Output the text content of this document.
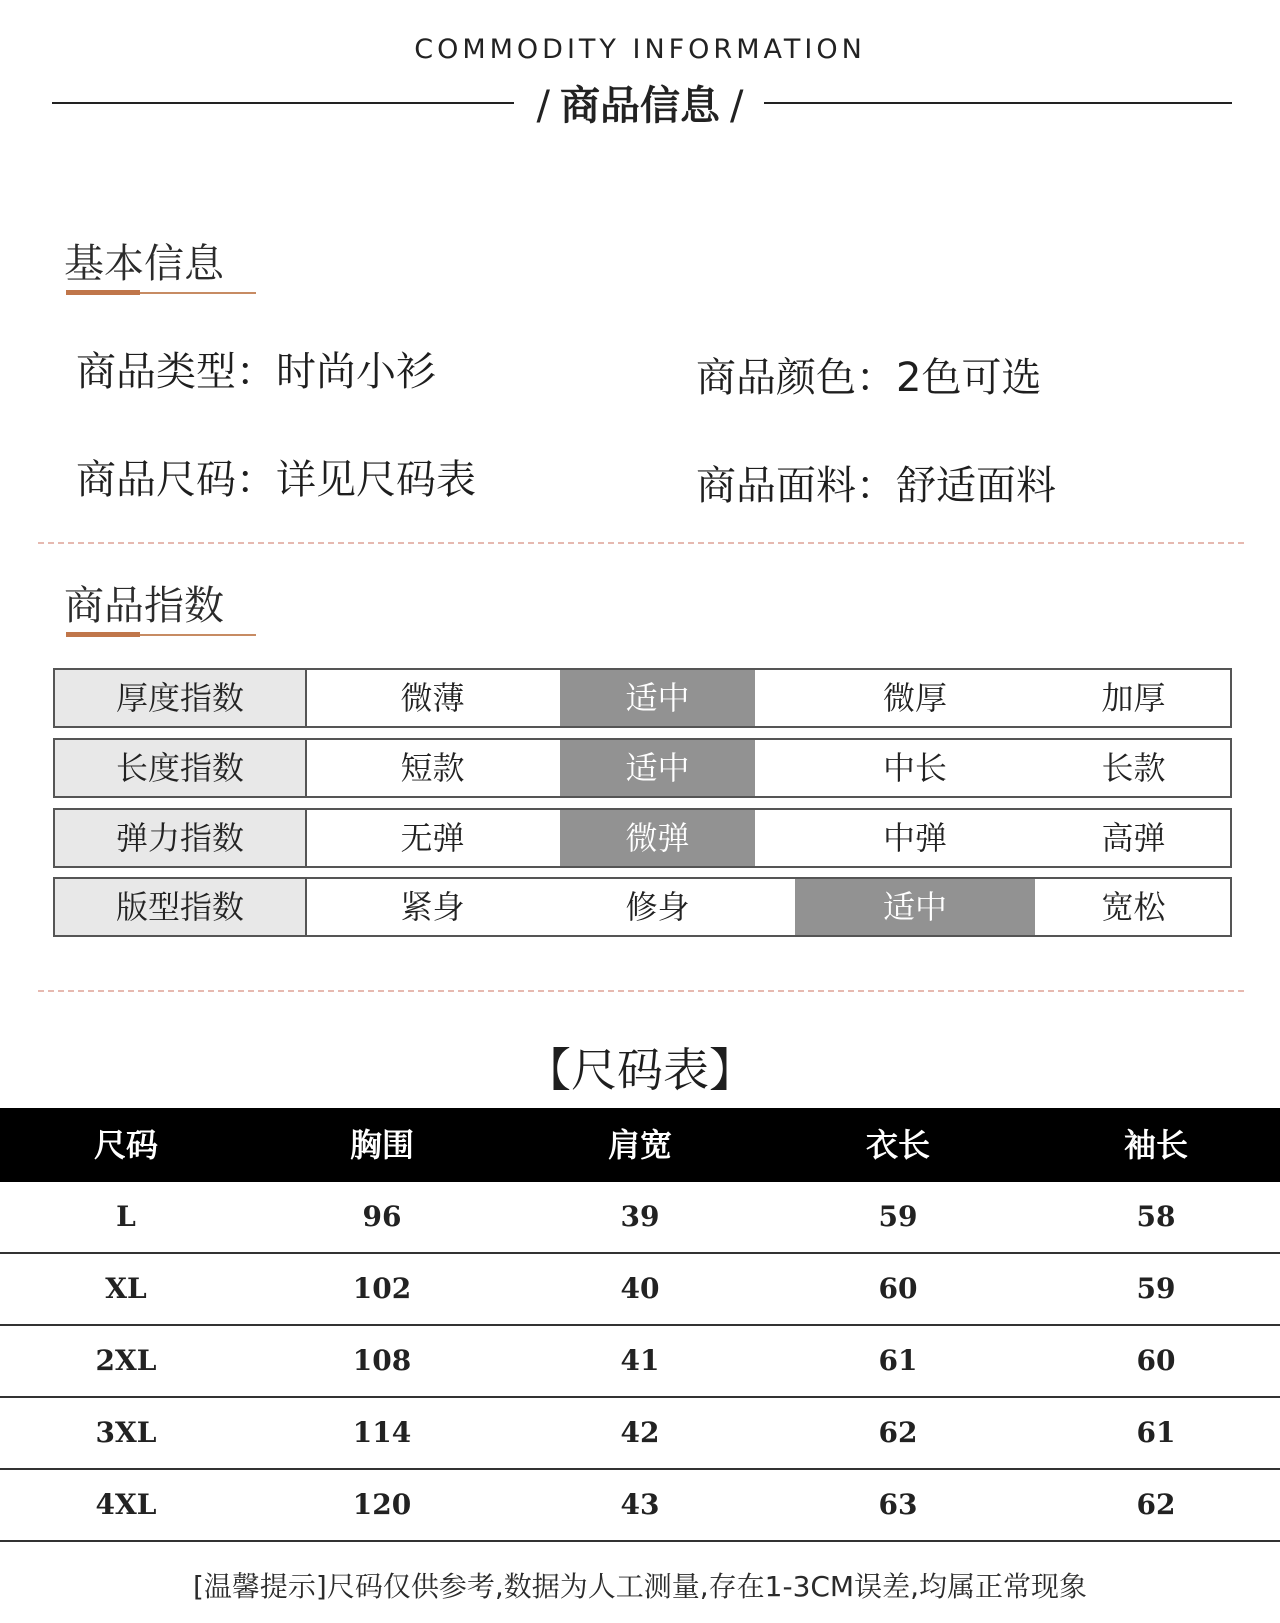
COMMODITY INFORMATION
/ 商品信息 /
基本信息
商品类型：时尚小衫	商品颜色：2色可选
商品尺码：详见尺码表	商品面料：舒适面料
商品指数
厚度指数	微薄	适中	微厚	加厚
长度指数	短款	适中	中长	长款
弹力指数	无弹	微弹	中弹	高弹
版型指数	紧身	修身	适中	宽松
【尺码表】
尺码	胸围	肩宽	衣长	袖长
L	96	39	59	58
XL	102	40	60	59
2XL	108	41	61	60
3XL	114	42	62	61
4XL	120	43	63	62
[温馨提示]尺码仅供参考,数据为人工测量,存在1-3CM误差,均属正常现象
